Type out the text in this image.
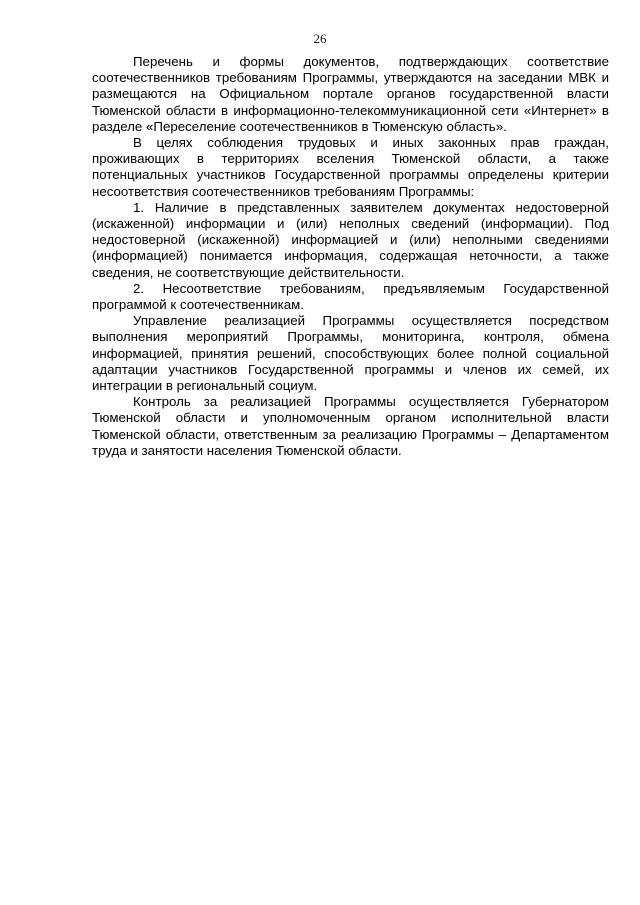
26

Перечень и формы документов, подтверждающих соответствие соотечественников требованиям Программы, утверждаются на заседании МВК и размещаются на Официальном портале органов государственной власти Тюменской области в информационно-телекоммуникационной сети «Интернет» в разделе «Переселение соотечественников в Тюменскую область».

В целях соблюдения трудовых и иных законных прав граждан, проживающих в территориях вселения Тюменской области, а также потенциальных участников Государственной программы определены критерии несоответствия соотечественников требованиям Программы:

1. Наличие в представленных заявителем документах недостоверной (искаженной) информации и (или) неполных сведений (информации). Под недостоверной (искаженной) информацией и (или) неполными сведениями (информацией) понимается информация, содержащая неточности, а также сведения, не соответствующие действительности.

2. Несоответствие требованиям, предъявляемым Государственной программой к соотечественникам.

Управление реализацией Программы осуществляется посредством выполнения мероприятий Программы, мониторинга, контроля, обмена информацией, принятия решений, способствующих более полной социальной адаптации участников Государственной программы и членов их семей, их интеграции в региональный социум.

Контроль за реализацией Программы осуществляется Губернатором Тюменской области и уполномоченным органом исполнительной власти Тюменской области, ответственным за реализацию Программы – Департаментом труда и занятости населения Тюменской области.
